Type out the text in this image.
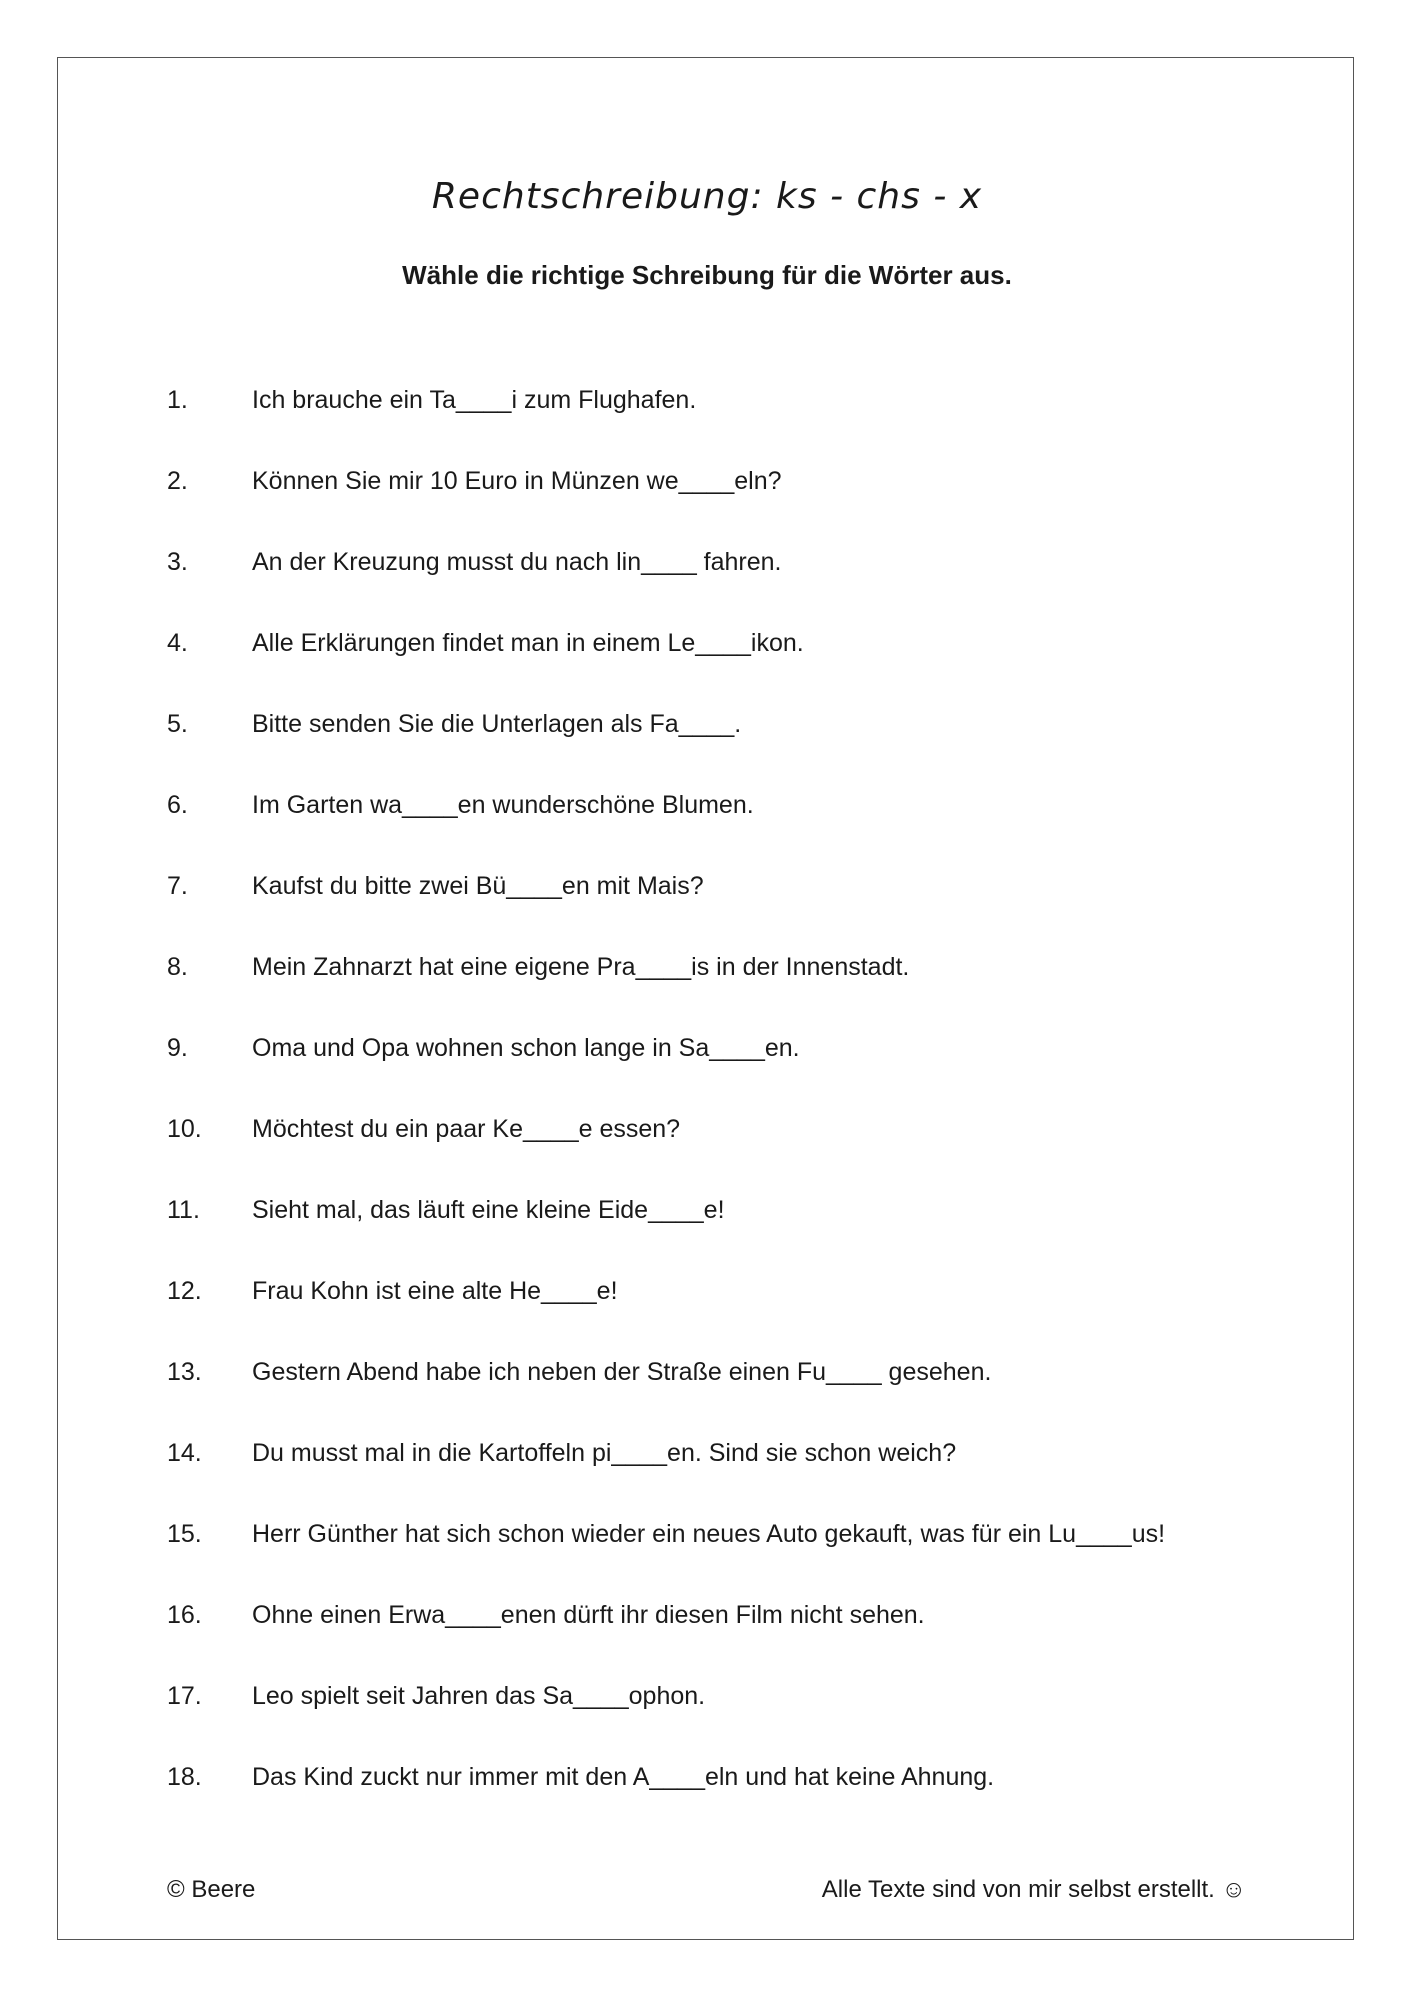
Rechtschreibung: ks - chs - x
Wähle die richtige Schreibung für die Wörter aus.
1.	Ich brauche ein Ta____i zum Flughafen.
2.	Können Sie mir 10 Euro in Münzen we____eln?
3.	An der Kreuzung musst du nach lin____ fahren.
4.	Alle Erklärungen findet man in einem Le____ikon.
5.	Bitte senden Sie die Unterlagen als Fa____.
6.	Im Garten wa____en wunderschöne Blumen.
7.	Kaufst du bitte zwei Bü____en mit Mais?
8.	Mein Zahnarzt hat eine eigene Pra____is in der Innenstadt.
9.	Oma und Opa wohnen schon lange in Sa____en.
10. Möchtest du ein paar Ke____e essen?
11. Sieht mal, das läuft eine kleine Eide____e!
12. Frau Kohn ist eine alte He____e!
13. Gestern Abend habe ich neben der Straße einen Fu____ gesehen.
14. Du musst mal in die Kartoffeln pi____en. Sind sie schon weich?
15. Herr Günther hat sich schon wieder ein neues Auto gekauft, was für ein Lu____us!
16. Ohne einen Erwa____enen dürft ihr diesen Film nicht sehen.
17. Leo spielt seit Jahren das Sa____ophon.
18. Das Kind zuckt nur immer mit den A____eln und hat keine Ahnung.
© Beere	Alle Texte sind von mir selbst erstellt. ☺
